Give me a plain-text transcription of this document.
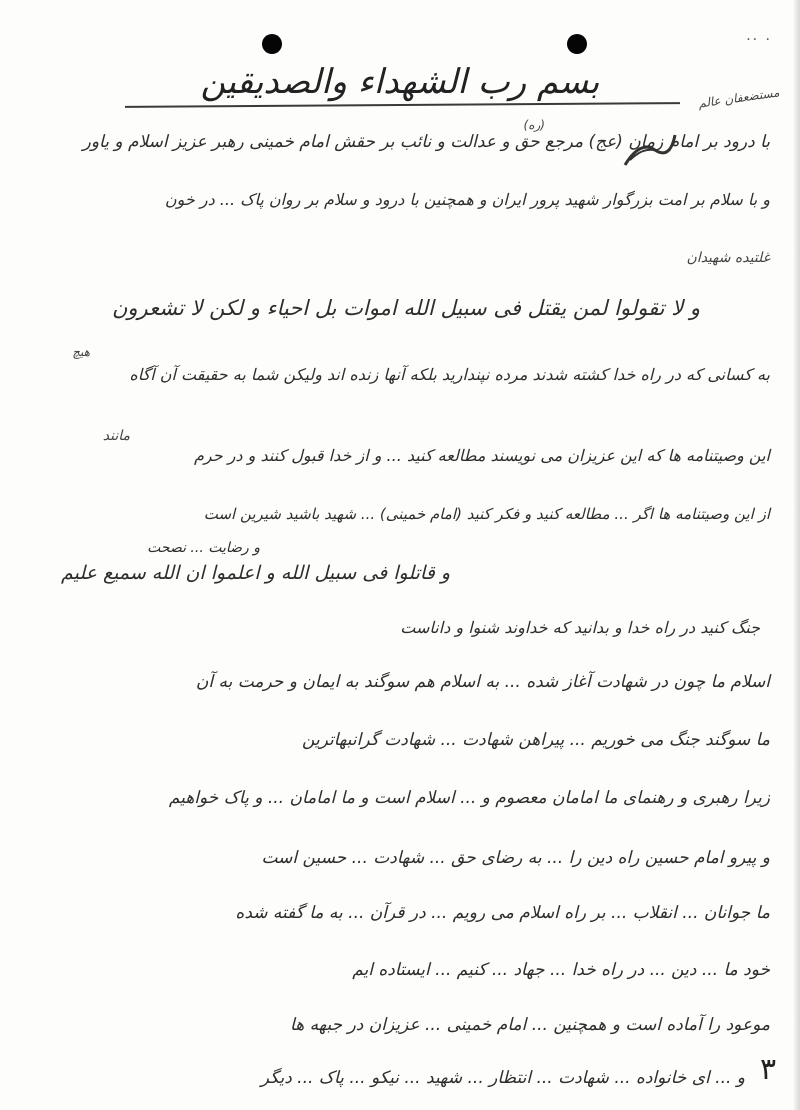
·· ·
بسم رب الشهداء والصدیقین	مستضعفان عالم
(ره)
با درود بر امام زمان (عج) مرجع حق و عدالت و نائب بر حقش امام خمینی رهبر عزیز اسلام و یاور
و با سلام بر امت بزرگوار شهید پرور ایران و همچنین با درود و سلام بر روان پاک ... در خون
غلتیده شهیدان
و لا تقولوا لمن یقتل فی سبیل الله اموات بل احیاء و لکن لا تشعرون
هیچ
به کسانی که در راه خدا کشته شدند مرده نپندارید بلکه آنها زنده اند ولیکن شما به حقیقت آن آگاه
مانند
این وصیتنامه ها که این عزیزان می نویسند مطالعه کنید ... و از خدا قبول کنند و در حرم
از این وصیتنامه ها اگر ... مطالعه کنید و فکر کنید (امام خمینی) ... شهید باشید شیرین است
و رضایت ... نصحت
و قاتلوا فی سبیل الله و اعلموا ان الله سمیع علیم
جنگ کنید در راه خدا و بدانید که خداوند شنوا و داناست
اسلام ما چون در شهادت آغاز شده ... به اسلام هم سوگند به ایمان و حرمت به آن
ما سوگند جنگ می خوریم ... پیراهن شهادت ... شهادت گرانبهاترین
زیرا رهبری و رهنمای ما امامان معصوم و ... اسلام است و ما امامان ... و پاک خواهیم
و پیرو امام حسین راه دین را ... به رضای حق ... شهادت ... حسین است
ما جوانان ... انقلاب ... بر راه اسلام می رویم ... در قرآن ... به ما گفته شده
خود ما ... دین ... در راه خدا ... جهاد ... کنیم ... ایستاده ایم
موعود را آماده است و همچنین ... امام خمینی ... عزیزان در جبهه ها
و ... ای خانواده ... شهادت ... انتظار ... شهید ... نیکو ... پاک ... دیگر ۳
